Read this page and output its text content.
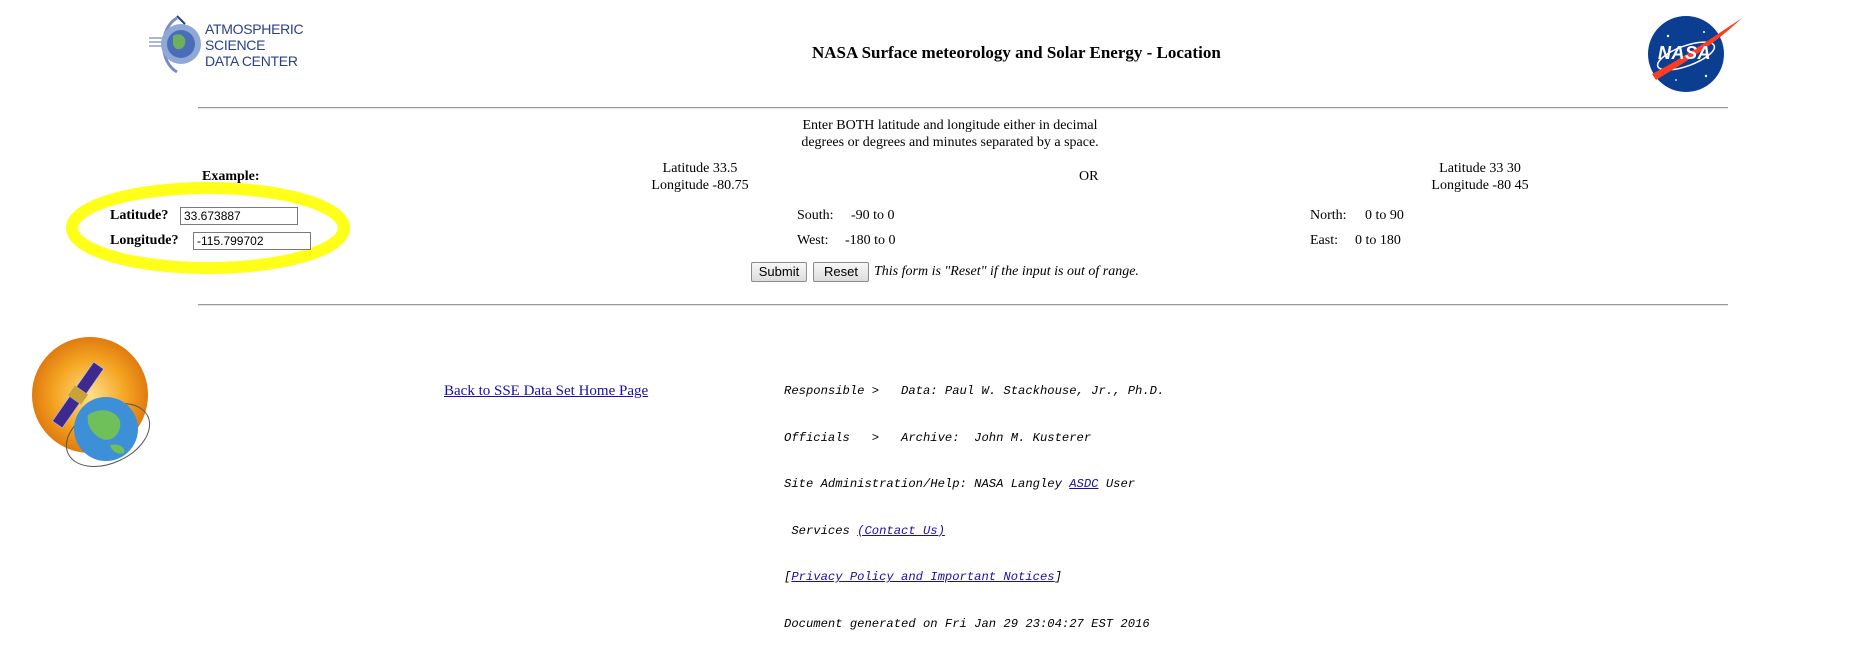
ATMOSPHERIC
SCIENCE
DATA CENTER	NASA Surface meteorology and Solar Energy - Location	NASA
Enter BOTH latitude and longitude either in decimal
degrees or degrees and minutes separated by a space.
Example:
Latitude 33.5
Longitude -80.75
OR
Latitude 33 30
Longitude -80 45
Latitude?
33.673887	South: -90 to 0	North: 0 to 90
Longitude?
-115.799702	West: -180 to 0	East: 0 to 180
Submit	Reset	This form is "Reset" if the input is out of range.
Back to SSE Data Set Home Page

	Responsible >   Data: Paul W. Stackhouse, Jr., Ph.D.

Officials   >   Archive:  John M. Kusterer

Site Administration/Help: NASA Langley ASDC User

Services (Contact Us)

[Privacy Policy and Important Notices]

Document generated on Fri Jan 29 23:04:27 EST 2016
